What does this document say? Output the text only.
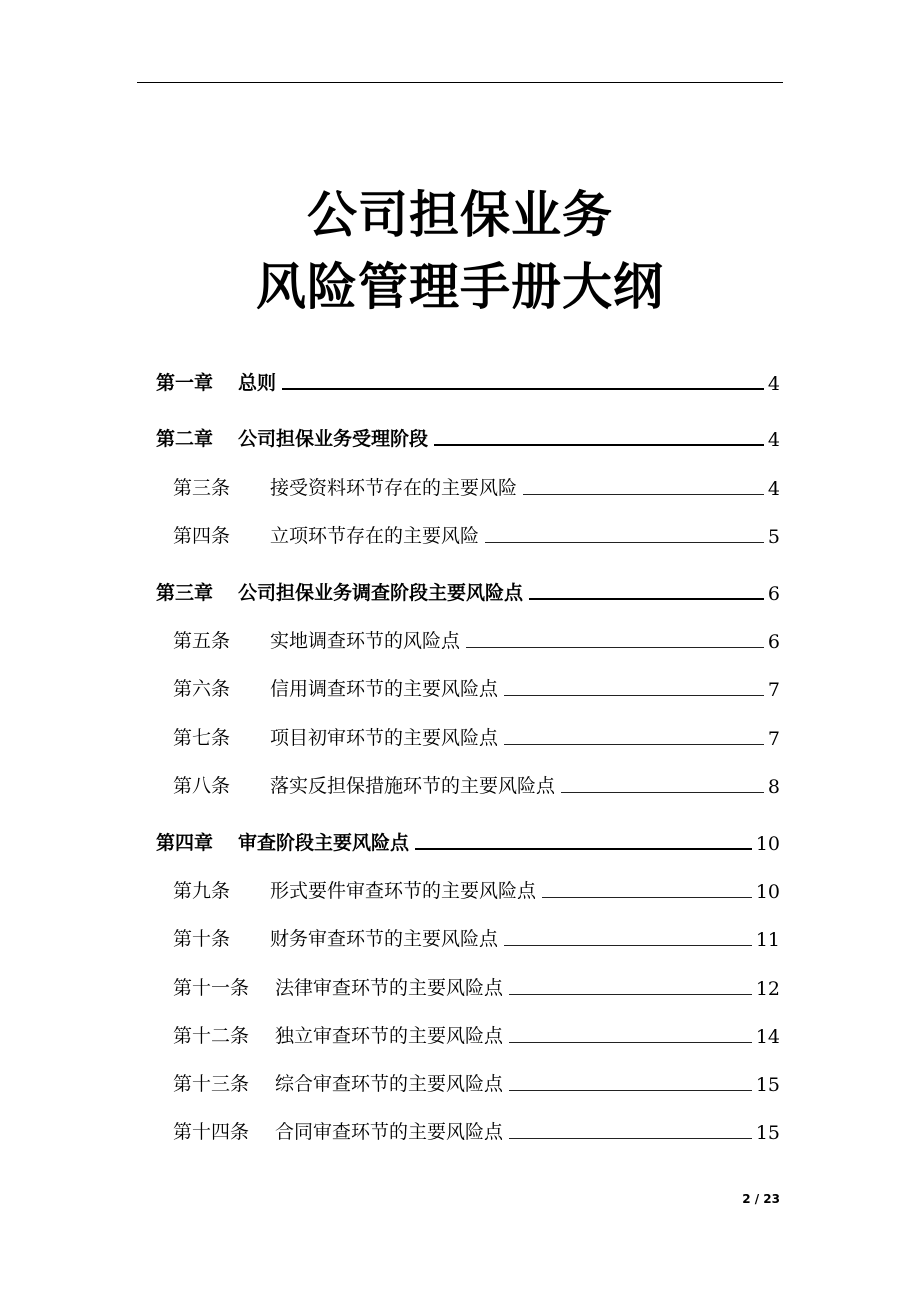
公司担保业务
风险管理手册大纲
第一章	总则	4
第二章	公司担保业务受理阶段	4
第三条	接受资料环节存在的主要风险	4
第四条	立项环节存在的主要风险	5
第三章	公司担保业务调查阶段主要风险点	6
第五条	实地调查环节的风险点	6
第六条	信用调查环节的主要风险点	7
第七条	项目初审环节的主要风险点	7
第八条	落实反担保措施环节的主要风险点	8
第四章	审查阶段主要风险点	10
第九条	形式要件审查环节的主要风险点	10
第十条	财务审查环节的主要风险点	11
第十一条	法律审查环节的主要风险点	12
第十二条	独立审查环节的主要风险点	14
第十三条	综合审查环节的主要风险点	15
第十四条	合同审查环节的主要风险点	15
2 / 23
